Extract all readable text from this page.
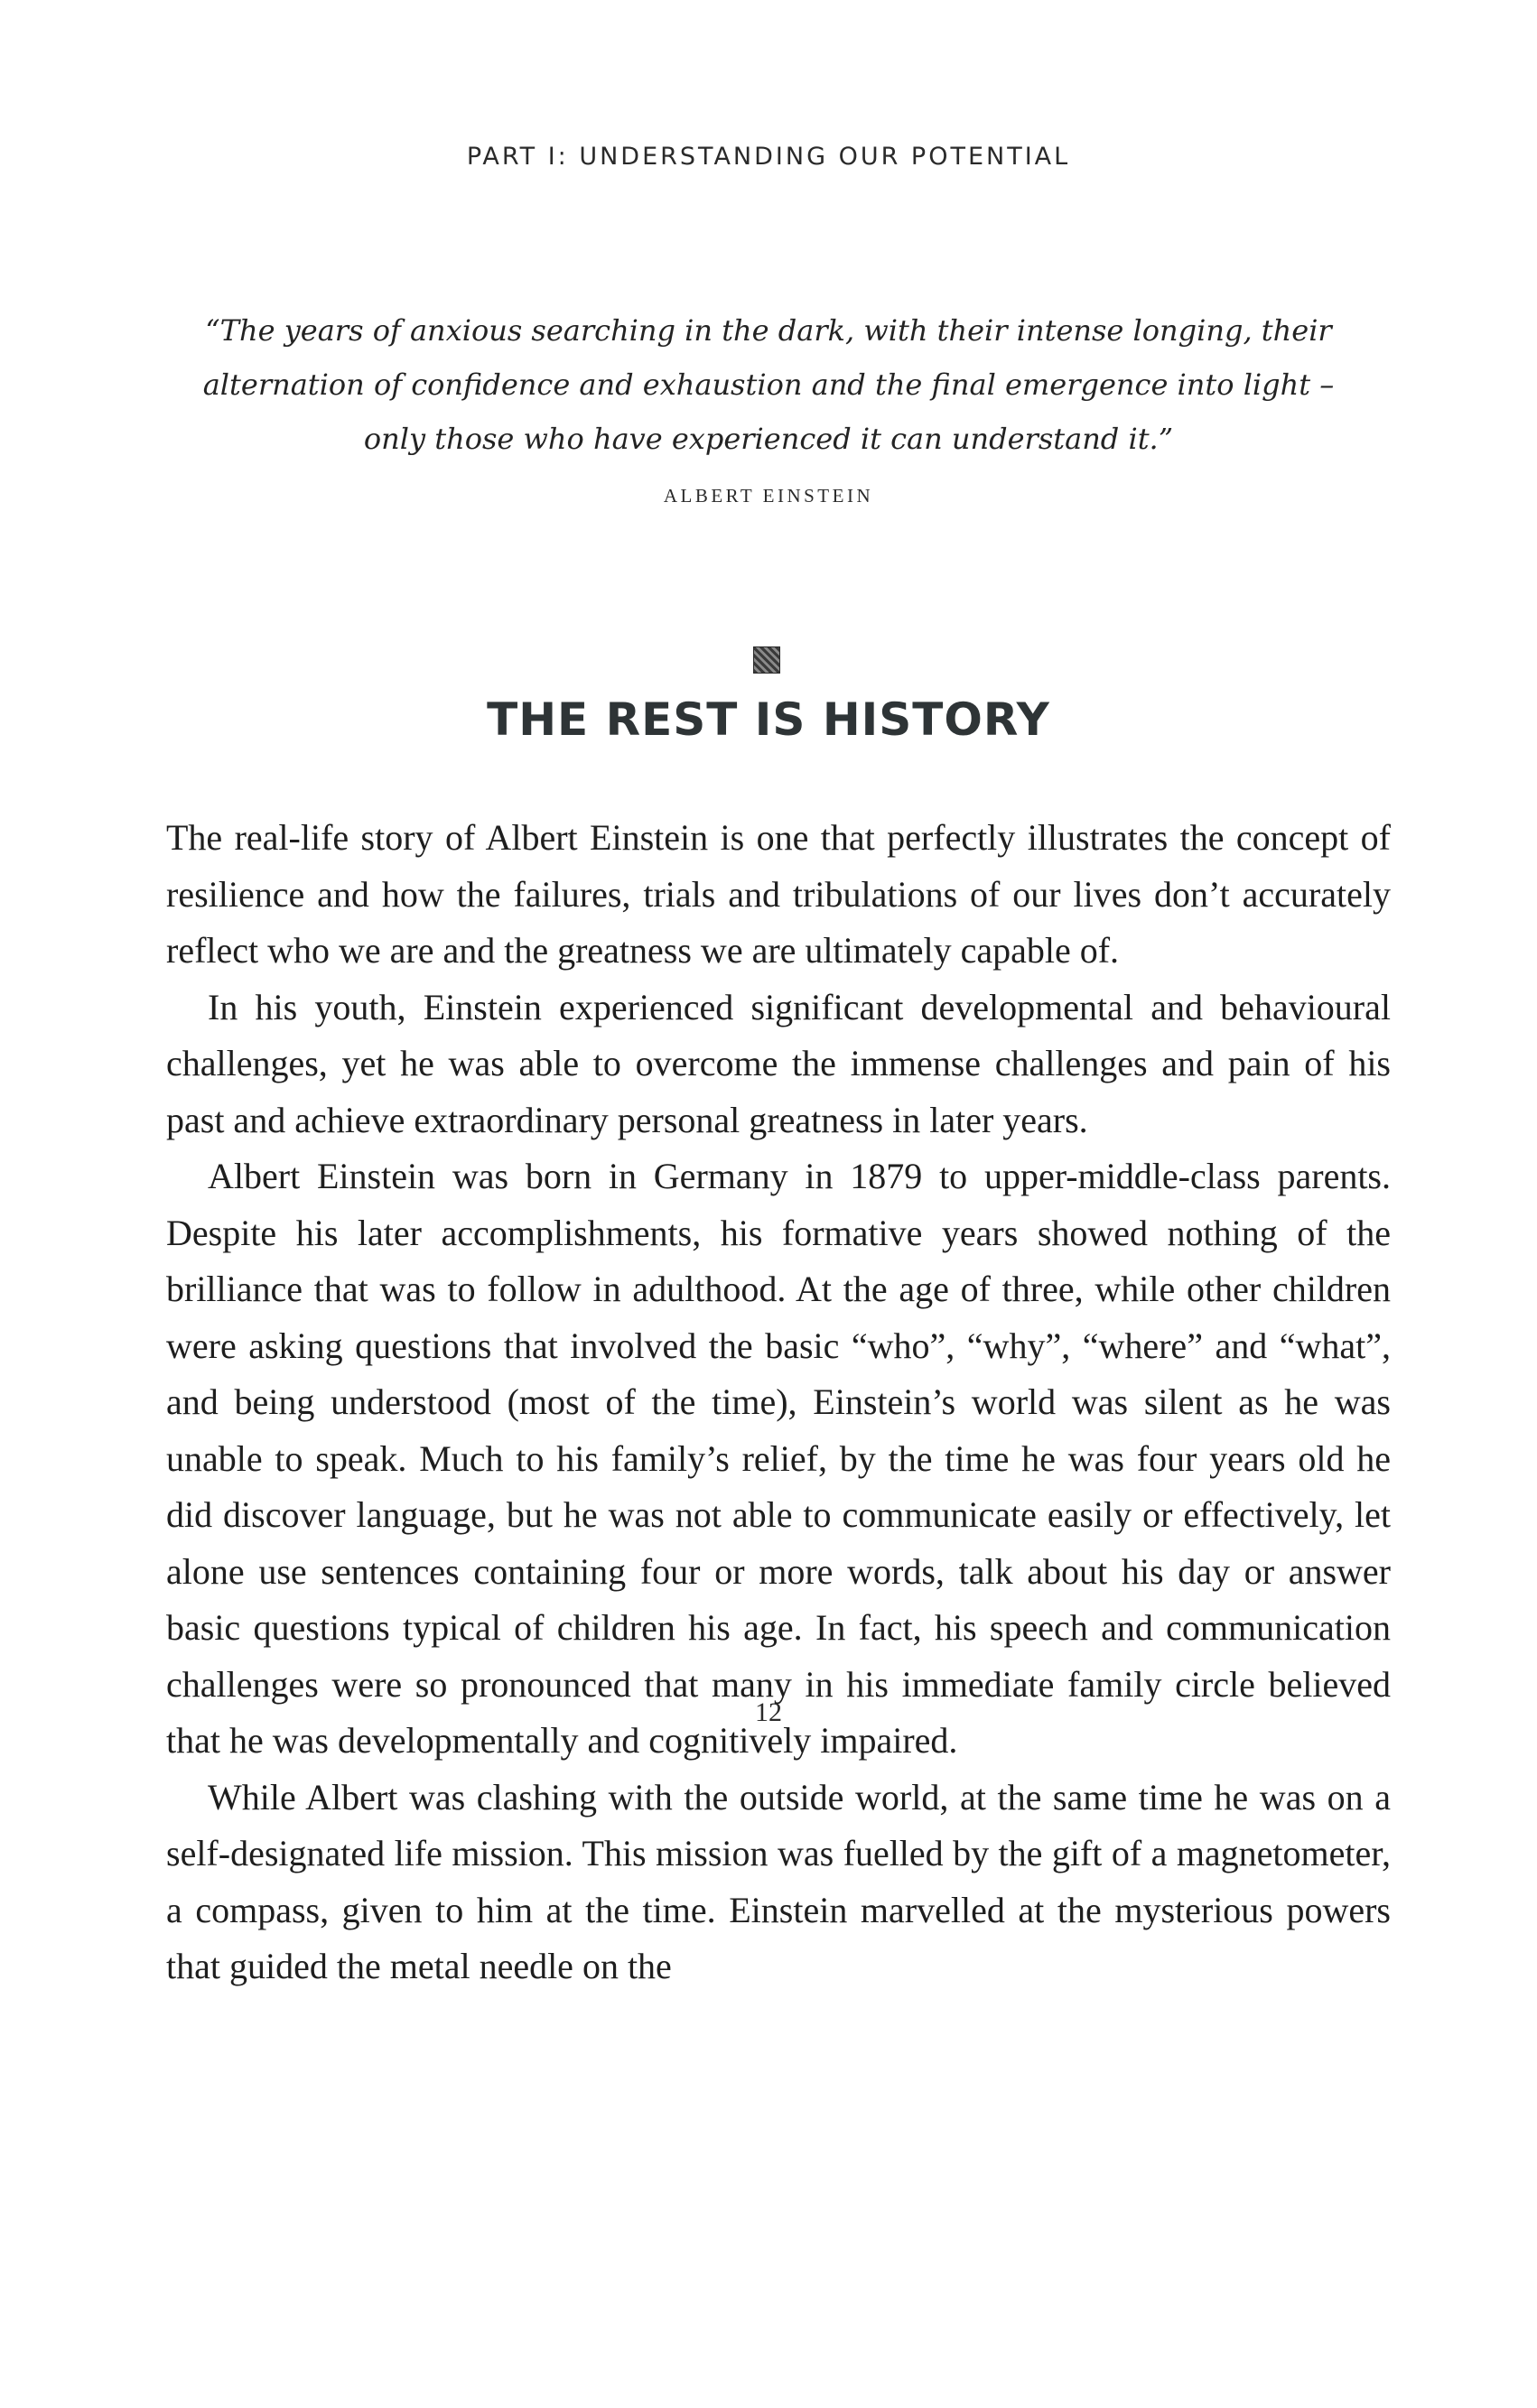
PART I: UNDERSTANDING OUR POTENTIAL
“The years of anxious searching in the dark, with their intense longing, their
alternation of confidence and exhaustion and the final emergence into light –
only those who have experienced it can understand it.”
ALBERT EINSTEIN
THE REST IS HISTORY

The real-life story of Albert Einstein is one that perfectly illustrates the concept of resilience and how the failures, trials and tribulations of our lives don’t accurately reflect who we are and the greatness we are ultimately capable of.

In his youth, Einstein experienced significant developmental and behavioural challenges, yet he was able to overcome the immense challenges and pain of his past and achieve extraordinary personal greatness in later years.

Albert Einstein was born in Germany in 1879 to upper-middle-class parents. Despite his later accomplishments, his formative years showed nothing of the brilliance that was to follow in adulthood. At the age of three, while other children were asking questions that involved the basic “who”, “why”, “where” and “what”, and being understood (most of the time), Einstein’s world was silent as he was unable to speak. Much to his family’s relief, by the time he was four years old he did discover language, but he was not able to communicate easily or effectively, let alone use sentences containing four or more words, talk about his day or answer basic questions typical of children his age. In fact, his speech and communication challenges were so pronounced that many in his immediate family circle believed that he was developmentally and cognitively impaired.

While Albert was clashing with the outside world, at the same time he was on a self-designated life mission. This mission was fuelled by the gift of a magnetometer, a compass, given to him at the time. Einstein marvelled at the mysterious powers that guided the metal needle on the

12
